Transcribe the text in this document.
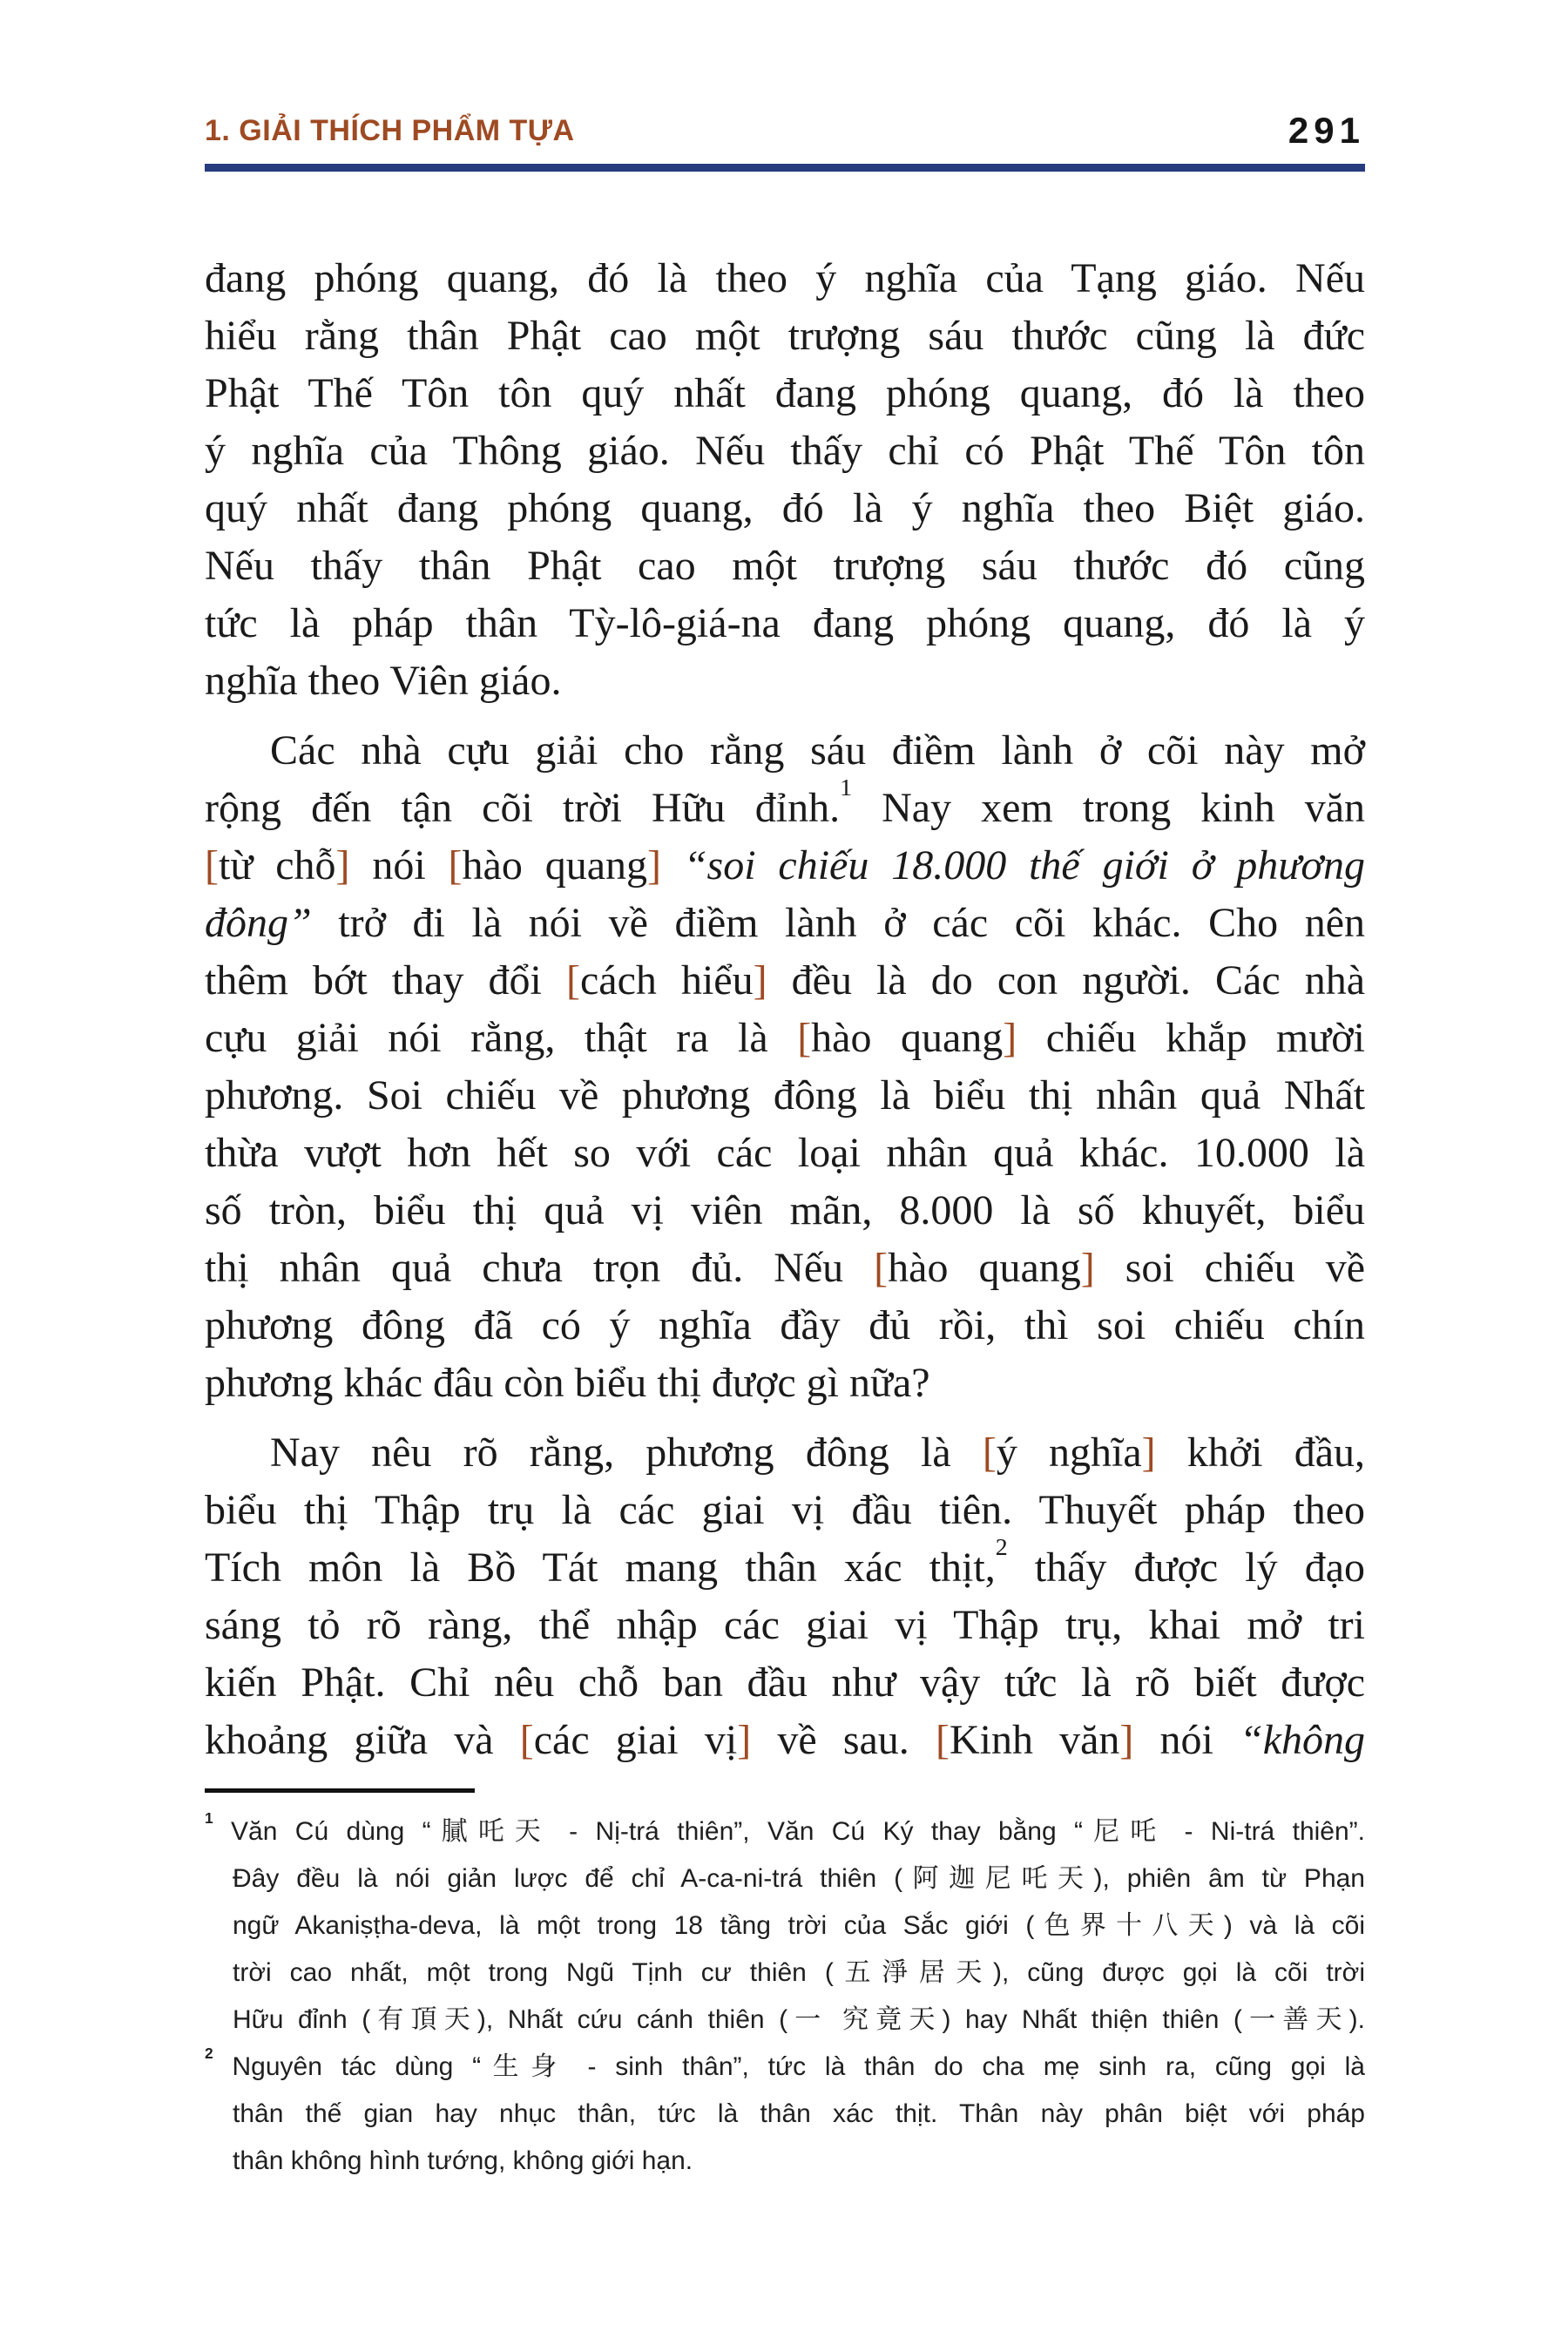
1. GIẢI THÍCH PHẨM TỰA	291
đang phóng quang, đó là theo ý nghĩa của Tạng giáo. Nếu
hiểu rằng thân Phật cao một trượng sáu thước cũng là đức
Phật Thế Tôn tôn quý nhất đang phóng quang, đó là theo
ý nghĩa của Thông giáo. Nếu thấy chỉ có Phật Thế Tôn tôn
quý nhất đang phóng quang, đó là ý nghĩa theo Biệt giáo.
Nếu thấy thân Phật cao một trượng sáu thước đó cũng
tức là pháp thân Tỳ-lô-giá-na đang phóng quang, đó là ý
nghĩa theo Viên giáo.
Các nhà cựu giải cho rằng sáu điềm lành ở cõi này mở
rộng đến tận cõi trời Hữu đỉnh.$^1$ Nay xem trong kinh văn
[từ chỗ] nói [hào quang] “soi chiếu 18.000 thế giới ở phương
đông” trở đi là nói về điềm lành ở các cõi khác. Cho nên
thêm bớt thay đổi [cách hiểu] đều là do con người. Các nhà
cựu giải nói rằng, thật ra là [hào quang] chiếu khắp mười
phương. Soi chiếu về phương đông là biểu thị nhân quả Nhất
thừa vượt hơn hết so với các loại nhân quả khác. 10.000 là
số tròn, biểu thị quả vị viên mãn, 8.000 là số khuyết, biểu
thị nhân quả chưa trọn đủ. Nếu [hào quang] soi chiếu về
phương đông đã có ý nghĩa đầy đủ rồi, thì soi chiếu chín
phương khác đâu còn biểu thị được gì nữa?
Nay nêu rõ rằng, phương đông là [ý nghĩa] khởi đầu,
biểu thị Thập trụ là các giai vị đầu tiên. Thuyết pháp theo
Tích môn là Bồ Tát mang thân xác thịt,$^2$ thấy được lý đạo
sáng tỏ rõ ràng, thể nhập các giai vị Thập trụ, khai mở tri
kiến Phật. Chỉ nêu chỗ ban đầu như vậy tức là rõ biết được
khoảng giữa và [các giai vị] về sau. [Kinh văn] nói “không
$^1$ Văn Cú dùng “膩吒天 - Nị-trá thiên”, Văn Cú Ký thay bằng “尼吒 - Ni-trá thiên”.
Đây đều là nói giản lược để chỉ A-ca-ni-trá thiên (阿迦尼吒天), phiên âm từ Phạn
ngữ Akaniṣṭha-deva, là một trong 18 tầng trời của Sắc giới (色界十八天) và là cõi
trời cao nhất, một trong Ngũ Tịnh cư thiên (五淨居天), cũng được gọi là cõi trời
Hữu đỉnh (有頂天), Nhất cứu cánh thiên (一 究竟天) hay Nhất thiện thiên (一善天).
$^2$ Nguyên tác dùng “生身 - sinh thân”, tức là thân do cha mẹ sinh ra, cũng gọi là
thân thế gian hay nhục thân, tức là thân xác thịt. Thân này phân biệt với pháp
thân không hình tướng, không giới hạn.
